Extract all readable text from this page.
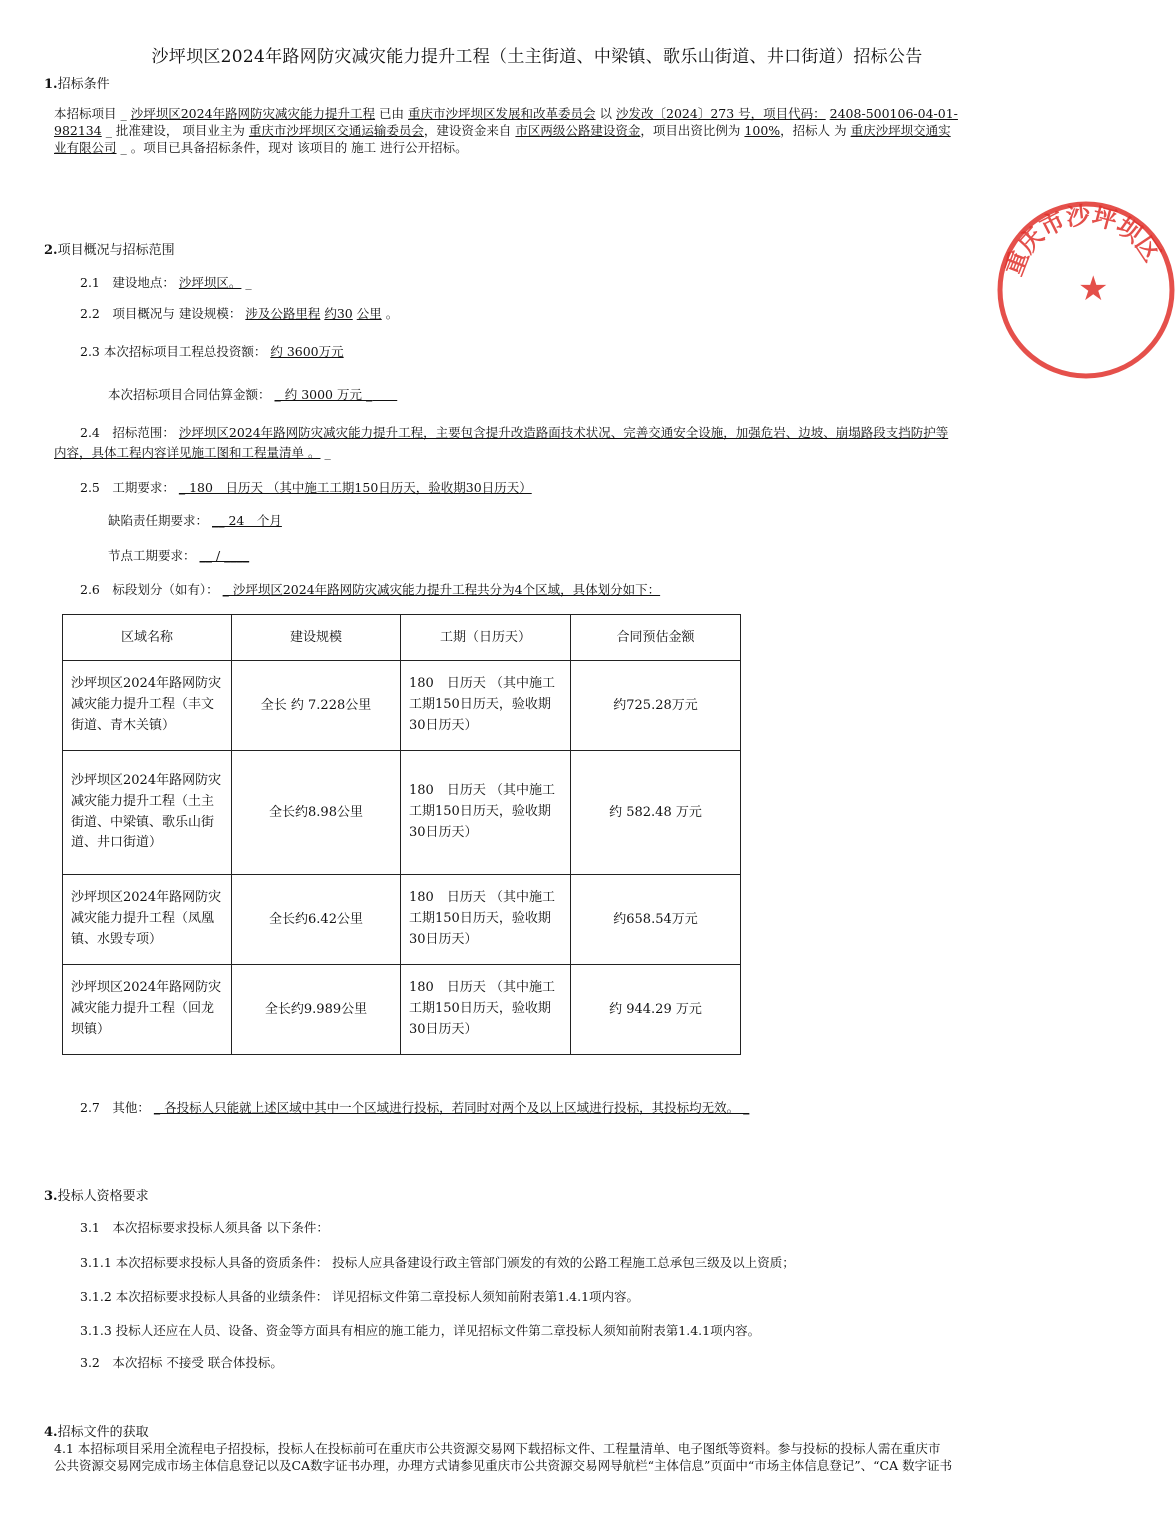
沙坪坝区2024年路网防灾减灾能力提升工程（土主街道、中梁镇、歌乐山街道、井口街道）招标公告
1.招标条件
本招标项目 _ 沙坪坝区2024年路网防灾减灾能力提升工程 已由 重庆市沙坪坝区发展和改革委员会 以 沙发改〔2024〕273 号，项目代码： 2408-500106-04-01-
982134 _ 批准建设， 项目业主为 重庆市沙坪坝区交通运输委员会，建设资金来自 市区两级公路建设资金，项目出资比例为 100%，招标人 为 重庆沙坪坝交通实
业有限公司 _ 。项目已具备招标条件，现对 该项目的 施工 进行公开招标。
2.项目概况与招标范围
2.1　建设地点： 沙坪坝区。 _
2.2　项目概况与 建设规模： 涉及公路里程 约30 公里 。
2.3 本次招标项目工程总投资额： 约 3600万元
本次招标项目合同估算金额： _ 约 3000 万元 _　　
2.4　招标范围： 沙坪坝区2024年路网防灾减灾能力提升工程，主要包含提升改造路面技术状况、完善交通安全设施，加强危岩、边坡、崩塌路段支挡防护等
内容，具体工程内容详见施工图和工程量清单 。 _
2.5　工期要求： _ 180　日历天 （其中施工工期150日历天，验收期30日历天）
缺陷责任期要求： __ 24　个月
节点工期要求： __ / ____
2.6　标段划分（如有）： _ 沙坪坝区2024年路网防灾减灾能力提升工程共分为4个区域，具体划分如下：
区域名称	建设规模	工期（日历天）	合同预估金额
沙坪坝区2024年路网防灾减灾能力提升工程（丰文街道、青木关镇）	全长 约 7.228公里	180　日历天 （其中施工工期150日历天，验收期30日历天）	约725.28万元
沙坪坝区2024年路网防灾减灾能力提升工程（土主街道、中梁镇、歌乐山街道、井口街道）	全长约8.98公里	180　日历天 （其中施工工期150日历天，验收期30日历天）	约 582.48 万元
沙坪坝区2024年路网防灾减灾能力提升工程（凤凰镇、水毁专项）	全长约6.42公里	180　日历天 （其中施工工期150日历天，验收期30日历天）	约658.54万元
沙坪坝区2024年路网防灾减灾能力提升工程（回龙坝镇）	全长约9.989公里	180　日历天 （其中施工工期150日历天，验收期30日历天）	约 944.29 万元
2.7　其他： _ 各投标人只能就上述区域中其中一个区域进行投标，若同时对两个及以上区域进行投标，其投标均无效。 _
3.投标人资格要求
3.1　本次招标要求投标人须具备 以下条件：
3.1.1 本次招标要求投标人具备的资质条件： 投标人应具备建设行政主管部门颁发的有效的公路工程施工总承包三级及以上资质；
3.1.2 本次招标要求投标人具备的业绩条件： 详见招标文件第二章投标人须知前附表第1.4.1项内容。
3.1.3 投标人还应在人员、设备、资金等方面具有相应的施工能力，详见招标文件第二章投标人须知前附表第1.4.1项内容。
3.2　本次招标 不接受 联合体投标。
4.招标文件的获取
4.1 本招标项目采用全流程电子招投标，投标人在投标前可在重庆市公共资源交易网下载招标文件、工程量清单、电子图纸等资料。参与投标的投标人需在重庆市
公共资源交易网完成市场主体信息登记以及CA数字证书办理，办理方式请参见重庆市公共资源交易网导航栏“主体信息”页面中“市场主体信息登记”、“CA 数字证书
重庆市沙坪坝区
★
